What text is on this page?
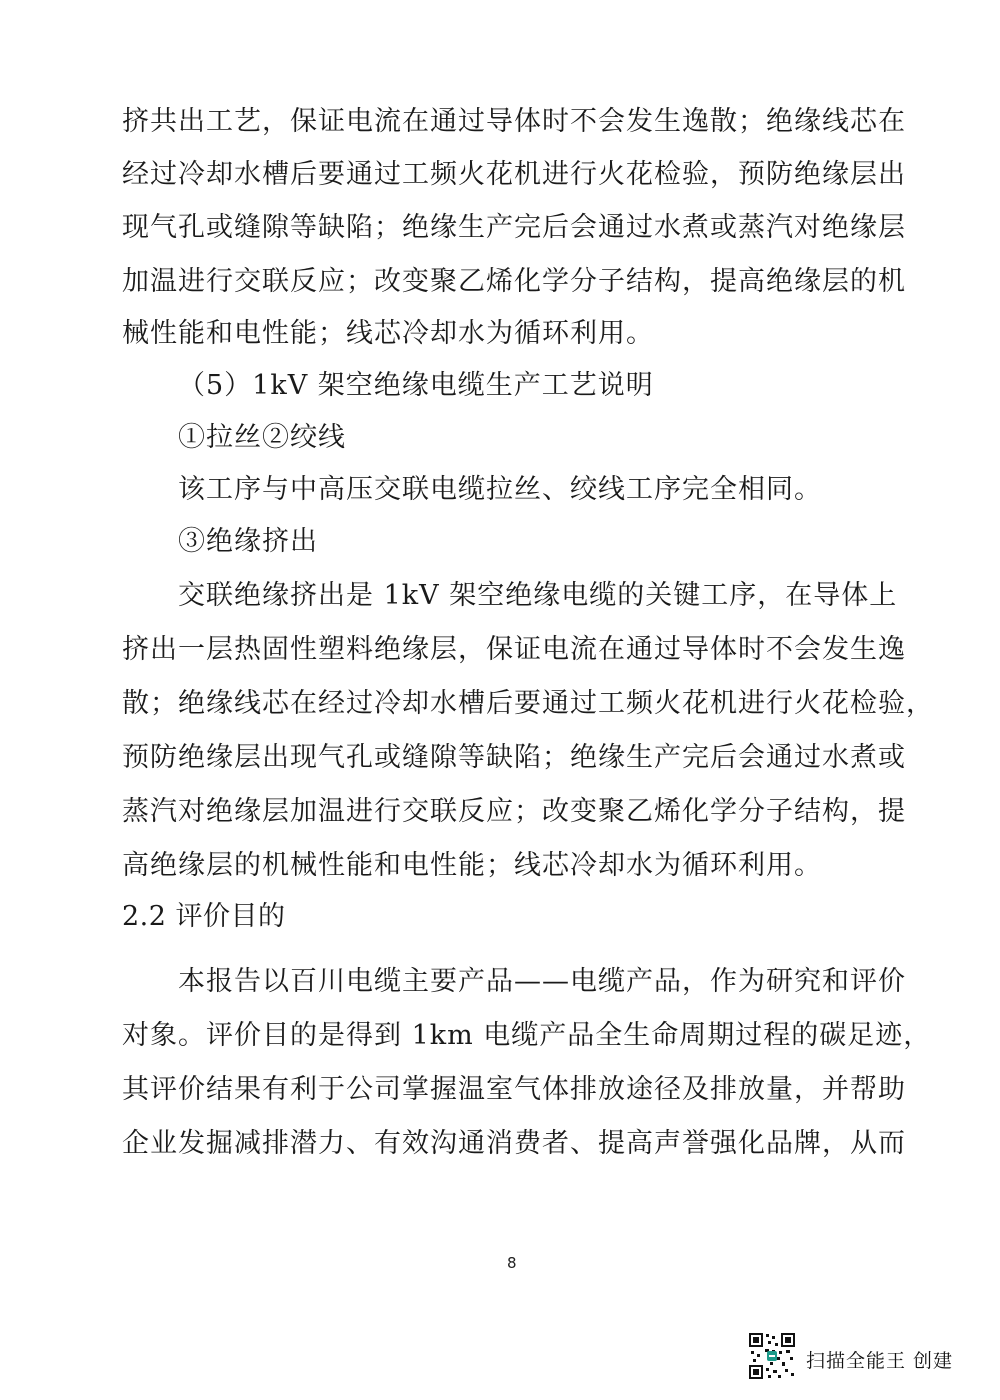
挤共出工艺，保证电流在通过导体时不会发生逸散；绝缘线芯在
经过冷却水槽后要通过工频火花机进行火花检验，预防绝缘层出
现气孔或缝隙等缺陷；绝缘生产完后会通过水煮或蒸汽对绝缘层
加温进行交联反应；改变聚乙烯化学分子结构，提高绝缘层的机
械性能和电性能；线芯冷却水为循环利用。
（5）1kV 架空绝缘电缆生产工艺说明
①拉丝②绞线
该工序与中高压交联电缆拉丝、绞线工序完全相同。
③绝缘挤出
交联绝缘挤出是 1kV 架空绝缘电缆的关键工序，在导体上
挤出一层热固性塑料绝缘层，保证电流在通过导体时不会发生逸
散；绝缘线芯在经过冷却水槽后要通过工频火花机进行火花检验，
预防绝缘层出现气孔或缝隙等缺陷；绝缘生产完后会通过水煮或
蒸汽对绝缘层加温进行交联反应；改变聚乙烯化学分子结构，提
高绝缘层的机械性能和电性能；线芯冷却水为循环利用。
2.2 评价目的
本报告以百川电缆主要产品——电缆产品，作为研究和评价
对象。评价目的是得到 1km 电缆产品全生命周期过程的碳足迹，
其评价结果有利于公司掌握温室气体排放途径及排放量，并帮助
企业发掘减排潜力、有效沟通消费者、提高声誉强化品牌，从而
8
扫描全能王 创建
